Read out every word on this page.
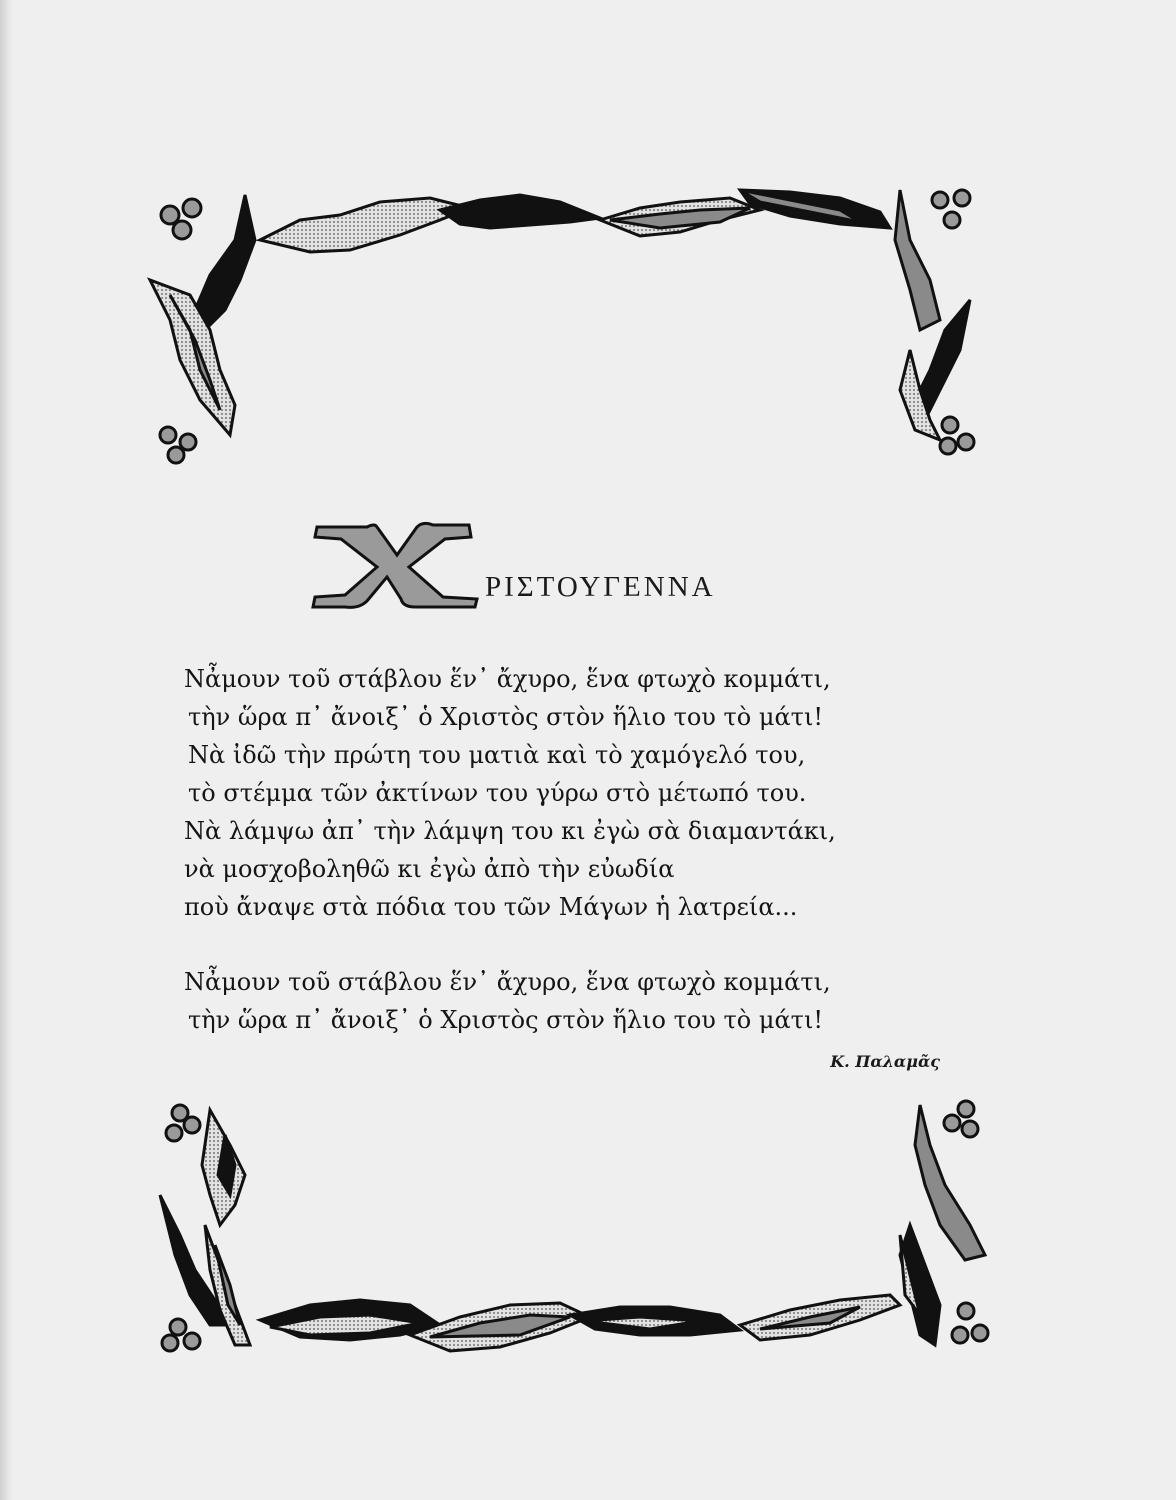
ΡΙΣΤΟΥΓΕΝΝΑ
Νἆμουν τοῦ στάβλου ἕν᾿ ἄχυρο, ἕνα φτωχὸ κομμάτι,
τὴν ὥρα π᾿ ἄνοιξ᾿ ὁ Χριστὸς στὸν ἥλιο του τὸ μάτι!
Νὰ ἰδῶ τὴν πρώτη του ματιὰ καὶ τὸ χαμόγελό του,
τὸ στέμμα τῶν ἀκτίνων του γύρω στὸ μέτωπό του.
Νὰ λάμψω ἀπ᾿ τὴν λάμψη του κι ἐγὼ σὰ διαμαντάκι,
νὰ μοσχοβοληθῶ κι ἐγὼ ἀπὸ τὴν εὐωδία
ποὺ ἄναψε στὰ πόδια του τῶν Μάγων ἡ λατρεία...
Νἆμουν τοῦ στάβλου ἕν᾿ ἄχυρο, ἕνα φτωχὸ κομμάτι,
τὴν ὥρα π᾿ ἄνοιξ᾿ ὁ Χριστὸς στὸν ἥλιο του τὸ μάτι!
Κ. Παλαμᾶς
